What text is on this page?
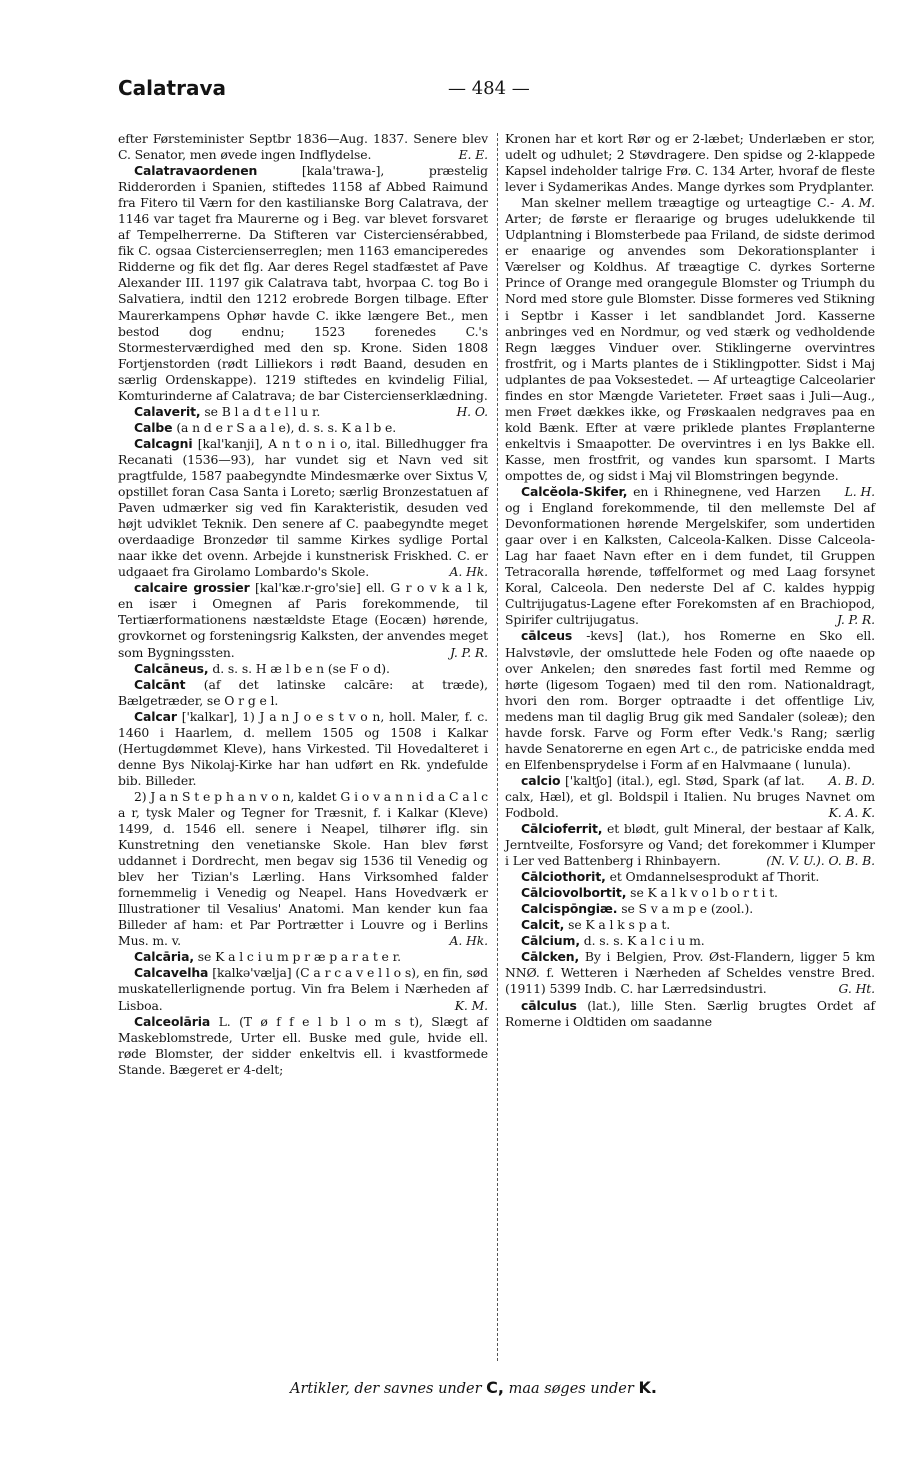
Calatrava	— 484 —
efter Førsteminister Septbr 1836—Aug. 1837. Senere blev C. Senator, men øvede ingen Indflydelse.	E. E.
Calatravaordenen [kala'trawa-], præstelig Ridderorden i Spanien, stiftedes 1158 af Abbed Raimund fra Fitero til Værn for den kastilianske Borg Calatrava, der 1146 var taget fra Maurerne og i Beg. var blevet forsvaret af Tempelherrerne. Da Stifteren var Cisterciensérabbed, fik C. ogsaa Cistercienserreglen; men 1163 emanciperedes Ridderne og fik det flg. Aar deres Regel stadfæstet af Pave Alexander III. 1197 gik Calatrava tabt, hvorpaa C. tog Bo i Salvatiera, indtil den 1212 erobrede Borgen tilbage. Efter Maurerkampens Ophør havde C. ikke længere Bet., men bestod dog endnu; 1523 forenedes C.'s Stormesterværdighed med den sp. Krone. Siden 1808 Fortjenstorden (rødt Lilliekors i rødt Baand, desuden en særlig Ordenskappe). 1219 stiftedes en kvindelig Filial, Komturinderne af Calatrava; de bar Cistercienserklædning.
H. O.
Calaverit, se B l a d t e l l u r.
Calbe (a n d e r S a a l e), d. s. s. K a l b e.
Calcagni [kal'kanji], A n t o n i o, ital. Billedhugger fra Recanati (1536—93), har vundet sig et Navn ved sit pragtfulde, 1587 paabegyndte Mindesmærke over Sixtus V, opstillet foran Casa Santa i Loreto; særlig Bronzestatuen af Paven udmærker sig ved fin Karakteristik, desuden ved højt udviklet Teknik. Den senere af C. paabegyndte meget overdaadige Bronzedør til samme Kirkes sydlige Portal naar ikke det ovenn. Arbejde i kunstnerisk Friskhed. C. er udgaaet fra Girolamo Lombardo's Skole.	A. Hk.
calcaire grossier [kal'kæ.r-gro'sie] ell. G r o v k a l k, en især i Omegnen af Paris forekommende, til Tertiærformationens næstældste Etage (Eocæn) hørende, grovkornet og forsteningsrig Kalksten, der anvendes meget som Bygningssten.	J. P. R.
Calcāneus, d. s. s. H æ l b e n (se F o d).
Calcānt (af det latinske calcāre: at træde), Bælgetræder, se O r g e l.
Calcar ['kalkar], 1) J a n J o e s t v o n, holl. Maler, f. c. 1460 i Haarlem, d. mellem 1505 og 1508 i Kalkar (Hertugdømmet Kleve), hans Virkested. Til Hovedalteret i denne Bys Nikolaj-Kirke har han udført en Rk. yndefulde bib. Billeder.
2) J a n S t e p h a n v o n, kaldet G i o v a n n i d a C a l c a r, tysk Maler og Tegner for Træsnit, f. i Kalkar (Kleve) 1499, d. 1546 ell. senere i Neapel, tilhører iflg. sin Kunstretning den venetianske Skole. Han blev først uddannet i Dordrecht, men begav sig 1536 til Venedig og blev her Tizian's Lærling. Hans Virksomhed falder fornemmelig i Venedig og Neapel. Hans Hovedværk er Illustrationer til Vesalius' Anatomi. Man kender kun faa Billeder af ham: et Par Portrætter i Louvre og i Berlins Mus. m. v.	A. Hk.
Calcāria, se K a l c i u m p r æ p a r a t e r.
Calcavelha [kalkə'vælja] (C a r c a v e l l o s), en fin, sød muskatellerlignende portug. Vin fra Belem i Nærheden af Lisboa.	K. M.
Calceolāria L. (T ø f f e l b l o m s t), Slægt af Maskeblomstrede, Urter ell. Buske med gule, hvide ell. røde Blomster, der sidder enkeltvis ell. i kvastformede Stande. Bægeret er 4-delt;
Kronen har et kort Rør og er 2-læbet; Underlæben er stor, udelt og udhulet; 2 Støvdragere. Den spidse og 2-klappede Kapsel indeholder talrige Frø. C. 134 Arter, hvoraf de fleste lever i Sydamerikas Andes. Mange dyrkes som Prydplanter.
A. M.
Man skelner mellem træagtige og urteagtige C.-Arter; de første er fleraarige og bruges udelukkende til Udplantning i Blomsterbede paa Friland, de sidste derimod er enaarige og anvendes som Dekorationsplanter i Værelser og Koldhus. Af træagtige C. dyrkes Sorterne Prince of Orange med orangegule Blomster og Triumph du Nord med store gule Blomster. Disse formeres ved Stikning i Septbr i Kasser i let sandblandet Jord. Kasserne anbringes ved en Nordmur, og ved stærk og vedholdende Regn lægges Vinduer over. Stiklingerne overvintres frostfrit, og i Marts plantes de i Stiklingpotter. Sidst i Maj udplantes de paa Voksestedet. — Af urteagtige Calceolarier findes en stor Mængde Varieteter. Frøet saas i Juli—Aug., men Frøet dækkes ikke, og Frøskaalen nedgraves paa en kold Bænk. Efter at være priklede plantes Frøplanterne enkeltvis i Smaapotter. De overvintres i en lys Bakke ell. Kasse, men frostfrit, og vandes kun sparsomt. I Marts ompottes de, og sidst i Maj vil Blomstringen begynde.
L. H.
Calcĕola-Skifer, en i Rhinegnene, ved Harzen og i England forekommende, til den mellemste Del af Devonformationen hørende Mergelskifer, som undertiden gaar over i en Kalksten, Calceola-Kalken. Disse Calceola-Lag har faaet Navn efter en i dem fundet, til Gruppen Tetracoralla hørende, tøffelformet og med Laag forsynet Koral, Calceola. Den nederste Del af C. kaldes hyppig Cultrijugatus-Lagene efter Forekomsten af en Brachiopod, Spirifer cultrijugatus.	J. P. R.
cālceus -kevs] (lat.), hos Romerne en Sko ell. Halvstøvle, der omsluttede hele Foden og ofte naaede op over Ankelen; den snøredes fast fortil med Remme og hørte (ligesom Togaen) med til den rom. Nationaldragt, hvori den rom. Borger optraadte i det offentlige Liv, medens man til daglig Brug gik med Sandaler (soleæ); den havde forsk. Farve og Form efter Vedk.'s Rang; særlig havde Senatorerne en egen Art c., de patriciske endda med en Elfenbensprydelse i Form af en Halvmaane ( lunula).
A. B. D.
calcio ['kaltʃo] (ital.), egl. Stød, Spark (af lat. calx, Hæl), et gl. Boldspil i Italien. Nu bruges Navnet om Fodbold.	K. A. K.
Cālcioferrit, et blødt, gult Mineral, der bestaar af Kalk, Jerntveilte, Fosforsyre og Vand; det forekommer i Klumper i Ler ved Battenberg i Rhinbayern.	(N. V. U.). O. B. B.
Cālciothorit, et Omdannelsesprodukt af Thorit.
Cālciovolbortit, se K a l k v o l b o r t i t.
Calcispōngiæ. se S v a m p e (zool.).
Calcit, se K a l k s p a t.
Cālcium, d. s. s. K a l c i u m.
Cālcken, By i Belgien, Prov. Øst-Flandern, ligger 5 km NNØ. f. Wetteren i Nærheden af Scheldes venstre Bred. (1911) 5399 Indb. C. har Lærredsindustri.	G. Ht.
cālculus (lat.), lille Sten. Særlig brugtes Ordet af Romerne i Oldtiden om saadanne
Artikler, der savnes under C, maa søges under K.
